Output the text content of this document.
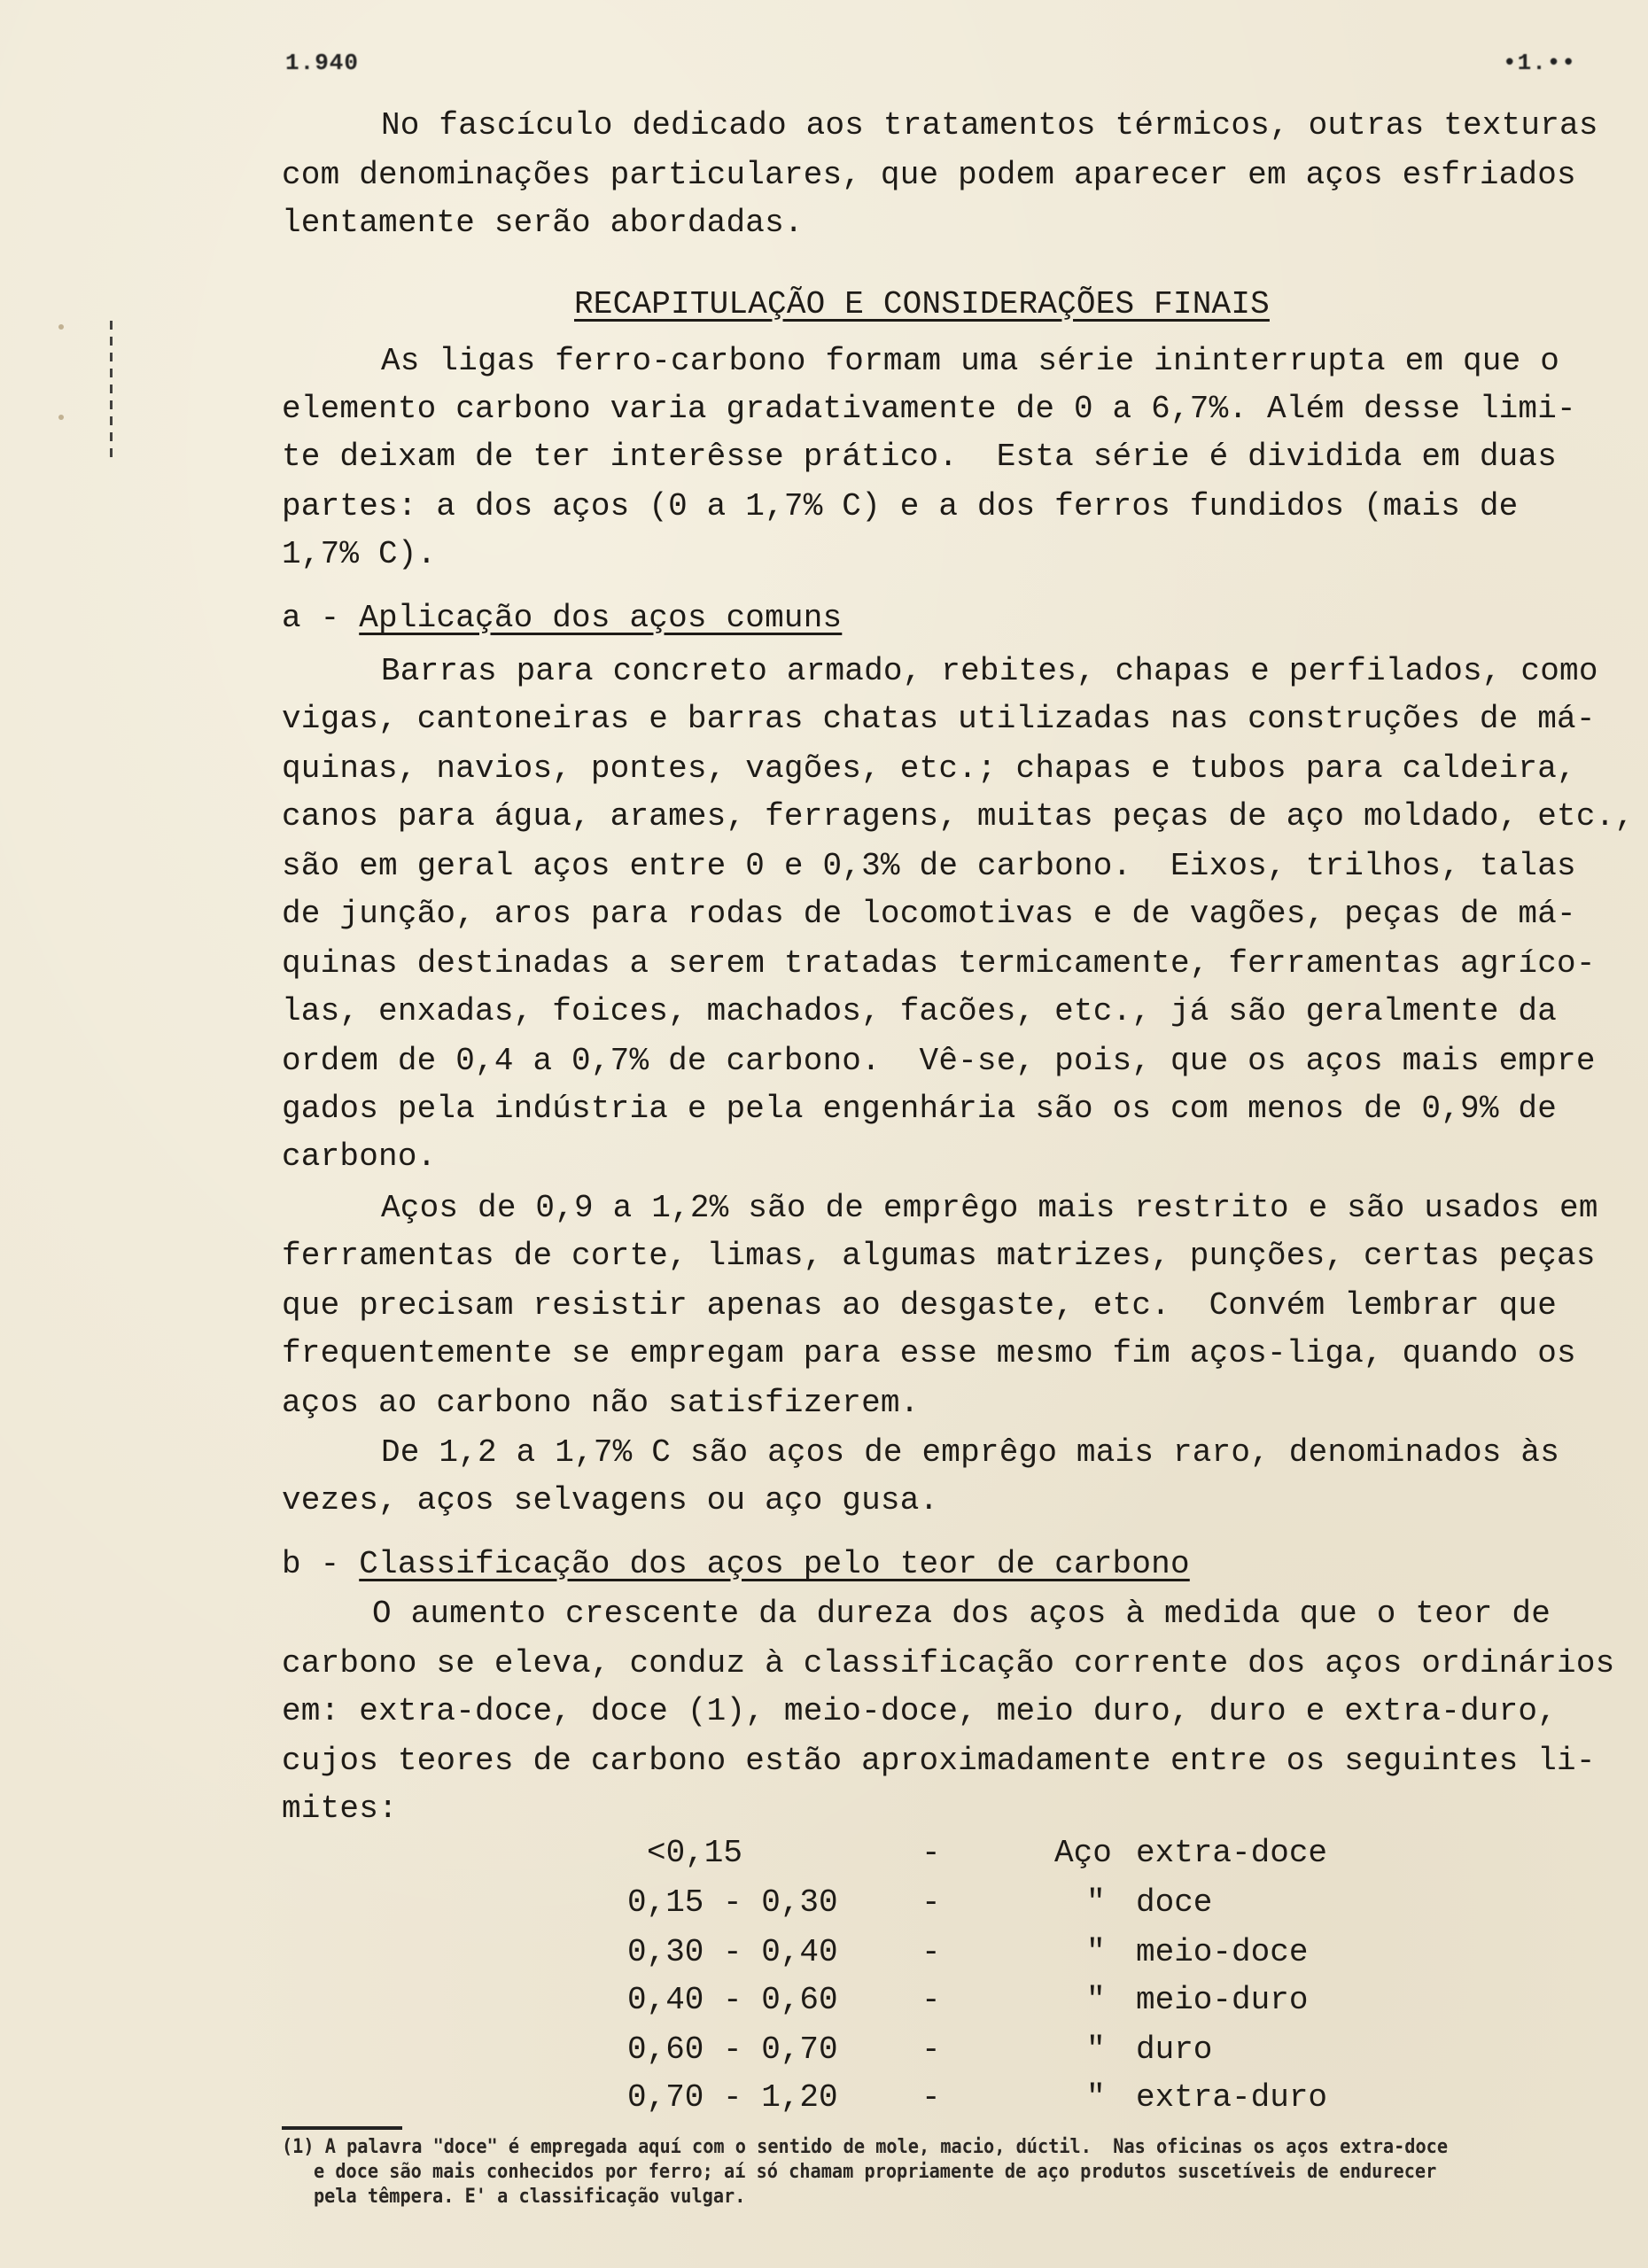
1.940	•1.••
No fascículo dedicado aos tratamentos térmicos, outras texturas
com denominações particulares, que podem aparecer em aços esfriados
lentamente serão abordadas.
RECAPITULAÇÃO E CONSIDERAÇÕES FINAIS
As ligas ferro-carbono formam uma série ininterrupta em que o
elemento carbono varia gradativamente de 0 a 6,7%. Além desse limi-
te deixam de ter interêsse prático.  Esta série é dividida em duas
partes: a dos aços (0 a 1,7% C) e a dos ferros fundidos (mais de
1,7% C).
a - Aplicação dos aços comuns
Barras para concreto armado, rebites, chapas e perfilados, como
vigas, cantoneiras e barras chatas utilizadas nas construções de má-
quinas, navios, pontes, vagões, etc.; chapas e tubos para caldeira,
canos para água, arames, ferragens, muitas peças de aço moldado, etc.,
são em geral aços entre 0 e 0,3% de carbono.  Eixos, trilhos, talas
de junção, aros para rodas de locomotivas e de vagões, peças de má-
quinas destinadas a serem tratadas termicamente, ferramentas agríco-
las, enxadas, foices, machados, facões, etc., já são geralmente da
ordem de 0,4 a 0,7% de carbono.  Vê-se, pois, que os aços mais empre
gados pela indústria e pela engenhária são os com menos de 0,9% de
carbono.
Aços de 0,9 a 1,2% são de emprêgo mais restrito e são usados em
ferramentas de corte, limas, algumas matrizes, punções, certas peças
que precisam resistir apenas ao desgaste, etc.  Convém lembrar que
frequentemente se empregam para esse mesmo fim aços-liga, quando os
aços ao carbono não satisfizerem.
De 1,2 a 1,7% C são aços de emprêgo mais raro, denominados às
vezes, aços selvagens ou aço gusa.
b - Classificação dos aços pelo teor de carbono
O aumento crescente da dureza dos aços à medida que o teor de
carbono se eleva, conduz à classificação corrente dos aços ordinários
em: extra-doce, doce (1), meio-doce, meio duro, duro e extra-duro,
cujos teores de carbono estão aproximadamente entre os seguintes li-
mites:
<0,15	-	Aço extra-doce
0,15 - 0,30	-	" doce
0,30 - 0,40	-	" meio-doce
0,40 - 0,60	-	" meio-duro
0,60 - 0,70	-	" duro
0,70 - 1,20	-	" extra-duro
(1) A palavra "doce" é empregada aquí com o sentido de mole, macio, dúctil.  Nas oficinas os aços extra-doce
e doce são mais conhecidos por ferro; aí só chamam propriamente de aço produtos suscetíveis de endurecer
pela têmpera. E' a classificação vulgar.
